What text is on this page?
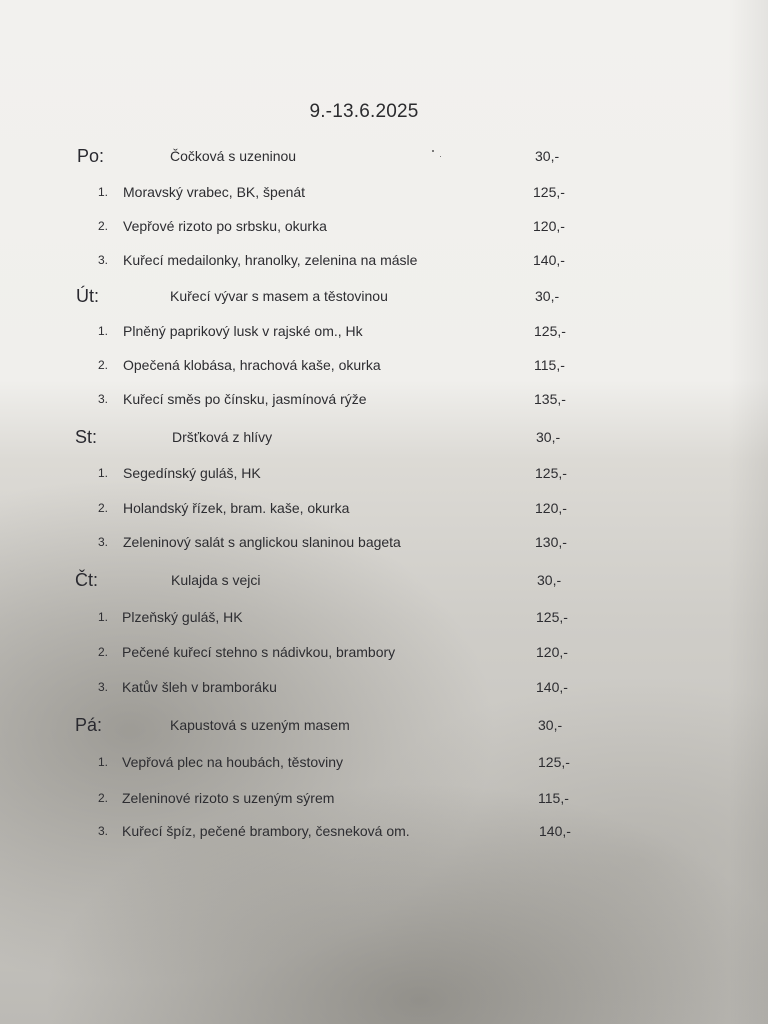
9.-13.6.2025
Po:	Čočková s uzeninou	30,-
1. Moravský vrabec, BK, špenát	125,-
2. Vepřové rizoto po srbsku, okurka	120,-
3. Kuřecí medailonky, hranolky, zelenina na másle	140,-
Út:	Kuřecí vývar s masem a těstovinou	30,-
1. Plněný paprikový lusk v rajské om., Hk	125,-
2. Opečená klobása, hrachová kaše, okurka	115,-
3. Kuřecí směs po čínsku, jasmínová rýže	135,-
St:	Dršťková z hlívy	30,-
1. Segedínský guláš, HK	125,-
2. Holandský řízek, bram. kaše, okurka	120,-
3. Zeleninový salát s anglickou slaninou bageta	130,-
Čt:	Kulajda s vejci	30,-
1. Plzeňský guláš, HK	125,-
2. Pečené kuřecí stehno s nádivkou, brambory	120,-
3. Katův šleh v bramboráku	140,-
Pá:	Kapustová s uzeným masem	30,-
1. Vepřová plec na houbách, těstoviny	125,-
2. Zeleninové rizoto s uzeným sýrem	115,-
3. Kuřecí špíz, pečené brambory, česneková om.	140,-
